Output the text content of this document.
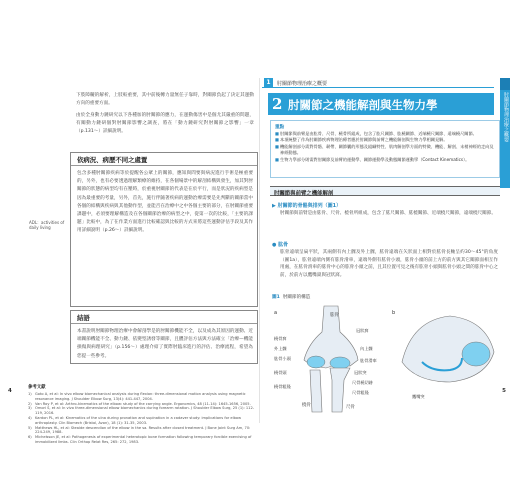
下肢障礙的解析，上肢較重要，其中前後轉力量無任子靠時，對關節負起了決定其運動方向的重要方面。
由於全身動力鏈研究以下各種加的肘關節的應力，在運動傷害中是個尤其嚴重的問題，有關動力鏈研個對肘關節影響之調查，將在「動力鏈研究對肘關節之影響」一章（p.131～）詳細說明。
依病況、病歷不同之處置
包含多種肘關節疾病等於提醒各公眾上的關節，應知與問要與病況進行手術是極重要的，另外，也有必要透過理解類療的維持，在各個場景中的解剖結構與發生，加其對肘關節的狀態的病型均有在壓時，於重視肘關節的代表是在於平行，而是狀況的疾病型是因為最重要的考量，另外，首先，施行伴隨著疾病的運動治療需要是先判斷的關節當中各個的結構與疾病與其他動作型，並能否在治療中之中各個主要的部分，在肘關節重要課題中，必須要理解構造及在各個關節治療的病型之中，從第一次的比較，「主要的課題」比較中，為了在作業方面進行比較確認與比較的方式來將這些運動評估手段及其作用詳細說明（p.26～）詳細說明。
ADL：activities of daily living
結語
本書說明肘關節物理治療中會解剖學是的肘關節機能不全，以及成為其原因的運動、近端關節機能不全、動力鏈、依變型誘發等關節，且體評估方法與方法確立「治療—機能損傷與病理研究」（p.156～）處理介紹了實際肘臨床進行的評估、治療流程，希望為您提一些參考。
參考文獻
1) Goto A, et al: In vivo elbow biomechanical analysis during flexion: three-dimensional motion analysis using magnetic resonance imaging. J Shoulder Elbow Surg, 13(4): 441-447, 2004.
2) Van Roy P, et al: Arthro-kinematics of the elbow: study of the carrying angle. Ergonomics, 48 (11-14): 1645-1656, 2005.
3) Omori S, et al: In vivo three-dimensional elbow biomechanics during forearm rotation. J Shoulder Elbow Surg, 25 (1): 112-119, 2016.
4) Kardon PL, et al: Kinematics of the ulna during pronation and supination in a cadaver study: implications for elbow arthroplasty. Clin Biomech (Bristol, Avon), 18 (1): 31-35, 2003.
5) Matthews HL, et al: Steaide descendion of the elbow in the sa. Results after closed treatment. J Bone Joint Surg Am, 70: 224-249, 1988.
6) Michelsson JE, et al: Pathogenesis of experimental heterotopic bone formation following temporary forcible exercising of immobilized limbs. Clin Orthop Relat Res, 265: 272, 1983.
4
1	肘關節物理治療之概要
2 肘關節之機能解剖與生物力學
重點
■ 肘關節與前臂是由肱骨、尺骨、橈骨所組成，包含了肱尺關節、肱橈關節、近端橈尺關節、遠端橈尺關節。
■ 本項統整了作為肘關節疾病物理治療者應於肘關節與前臂之機能解剖與生物力學相關見解。
■ 機能解剖部分需對骨骼、韌帶、關節囊的形態及組織特性、肌肉解剖學方面的特徵、機能、解剖、末梢神經的走向及神經動態。
■ 生物力學部分則需對肘關節及前臂的運動學、關節運動學及動態關節運動學（Contact Kinematics）。
肘關節與前臂之機能解剖
▶ 肘關節的骨骼與排列（圖1）
肘關節與前臂是由肱骨、尺骨、橈骨所組成，包含了肱尺關節、肱橈關節、近端橈尺關節，遠端橈尺關節。
● 肱骨
肱骨遠端呈扁平狀，其兩側有內上髁及外上髁，肱骨遠端在矢狀面上相對於肱骨長軸呈約30～45°的角度（圖1a），肱骨遠端內側有肱骨滑車，遠端外側有肱骨小頭，肱骨小頭的前上方的前方與其它關節面相互作用處，在肱骨滑車的肱骨中心的肱骨小頭之前，且其位置可見之後有肱骨小頭與肱骨小頭之間的肱骨中心之前，於前方以鷹嘴窩與冠狀窩。
圖1 肘關節的構造
a	b
肱骨
橈骨窩
外上髁
肱骨小頭
橈骨頭
橈骨粗隆
橈骨
冠狀窩
內上髁
肱骨滑車
冠狀突
尺骨橈切跡
尺骨粗隆
尺骨
鷹嘴突
肘關節物理治療之概要
5
